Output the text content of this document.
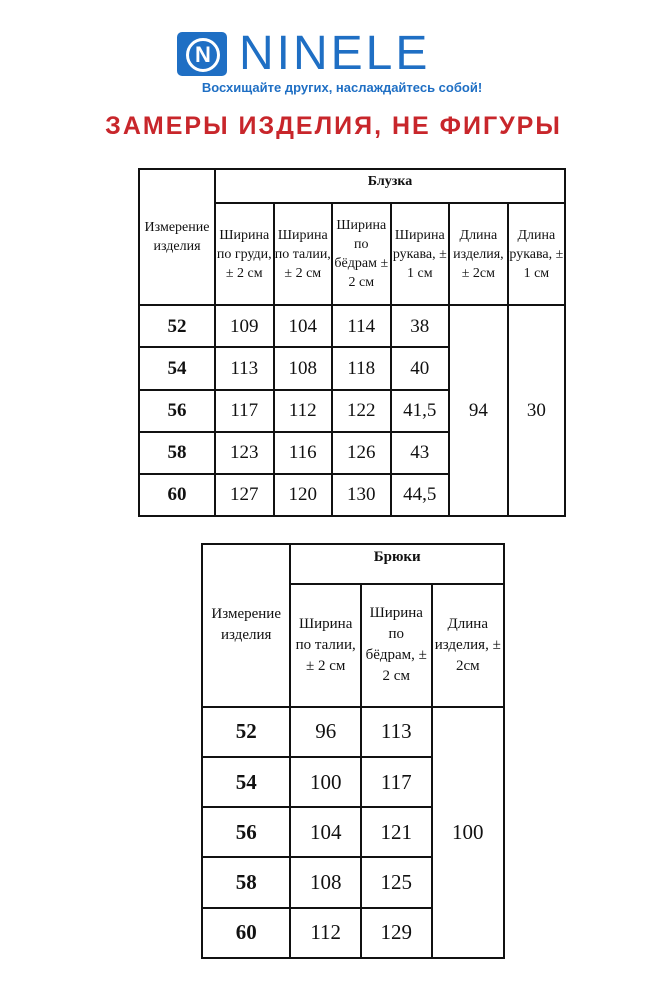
N NINELE
Восхищайте других, наслаждайтесь собой!
ЗАМЕРЫ ИЗДЕЛИЯ, НЕ ФИГУРЫ
Измерение изделия	Блузка					
	Ширина по груди, ± 2 см	Ширина по талии, ± 2 см	Ширина по бёдрам ± 2 см	Ширина рукава, ± 1 см	Длина изделия, ± 2см	Длина рукава, ± 1 см
52	109	104	114	38	94	30
54	113	108	118	40		
56	117	112	122	41,5		
58	123	116	126	43		
60	127	120	130	44,5		
Измерение изделия	Брюки		
	Ширина по талии, ± 2 см	Ширина по бёдрам, ± 2 см	Длина изделия, ± 2см
52	96	113	100
54	100	117	
56	104	121	
58	108	125	
60	112	129	
